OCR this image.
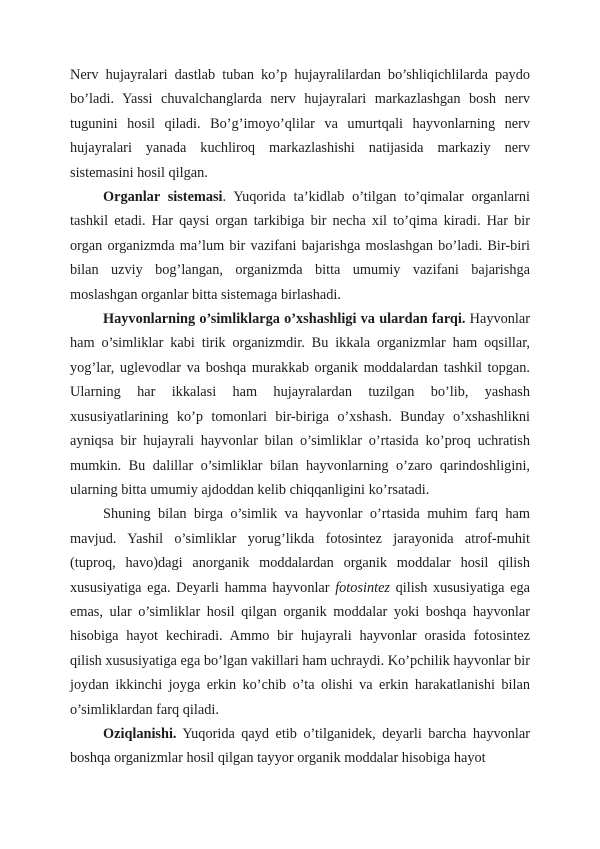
Nerv hujayralari dastlab tuban ko’p hujayralilardan bo’shliqichlilarda paydo bo’ladi. Yassi chuvalchanglarda nerv hujayralari markazlashgan bosh nerv tugunini hosil qiladi. Bo’g’imoyo’qlilar va umurtqali hayvonlarning nerv hujayralari yanada kuchliroq markazlashishi natijasida markaziy nerv sistemasini hosil qilgan.

Organlar sistemasi. Yuqorida ta’kidlab o’tilgan to’qimalar organlarni tashkil etadi. Har qaysi organ tarkibiga bir necha xil to’qima kiradi. Har bir organ organizmda ma’lum bir vazifani bajarishga moslashgan bo’ladi. Bir-biri bilan uzviy bog’langan, organizmda bitta umumiy vazifani bajarishga moslashgan organlar bitta sistemaga birlashadi.

Hayvonlarning o’simliklarga o’xshashligi va ulardan farqi. Hayvonlar ham o’simliklar kabi tirik organizmdir. Bu ikkala organizmlar ham oqsillar, yog’lar, uglevodlar va boshqa murakkab organik moddalardan tashkil topgan. Ularning har ikkalasi ham hujayralardan tuzilgan bo’lib, yashash xususiyatlarining ko’p tomonlari bir-biriga o’xshash. Bunday o’xshashlikni ayniqsa bir hujayrali hayvonlar bilan o’simliklar o’rtasida ko’proq uchratish mumkin. Bu dalillar o’simliklar bilan hayvonlarning o’zaro qarindoshligini, ularning bitta umumiy ajdoddan kelib chiqqanligini ko’rsatadi.

Shuning bilan birga o’simlik va hayvonlar o’rtasida muhim farq ham mavjud. Yashil o’simliklar yorug’likda fotosintez jarayonida atrof-muhit (tuproq, havo)dagi anorganik moddalardan organik moddalar hosil qilish xususiyatiga ega. Deyarli hamma hayvonlar fotosintez qilish xususiyatiga ega emas, ular o’simliklar hosil qilgan organik moddalar yoki boshqa hayvonlar hisobiga hayot kechiradi. Ammo bir hujayrali hayvonlar orasida fotosintez qilish xususiyatiga ega bo’lgan vakillari ham uchraydi. Ko’pchilik hayvonlar bir joydan ikkinchi joyga erkin ko’chib o’ta olishi va erkin harakatlanishi bilan o’simliklardan farq qiladi.

Oziqlanishi. Yuqorida qayd etib o’tilganidek, deyarli barcha hayvonlar boshqa organizmlar hosil qilgan tayyor organik moddalar hisobiga hayot
